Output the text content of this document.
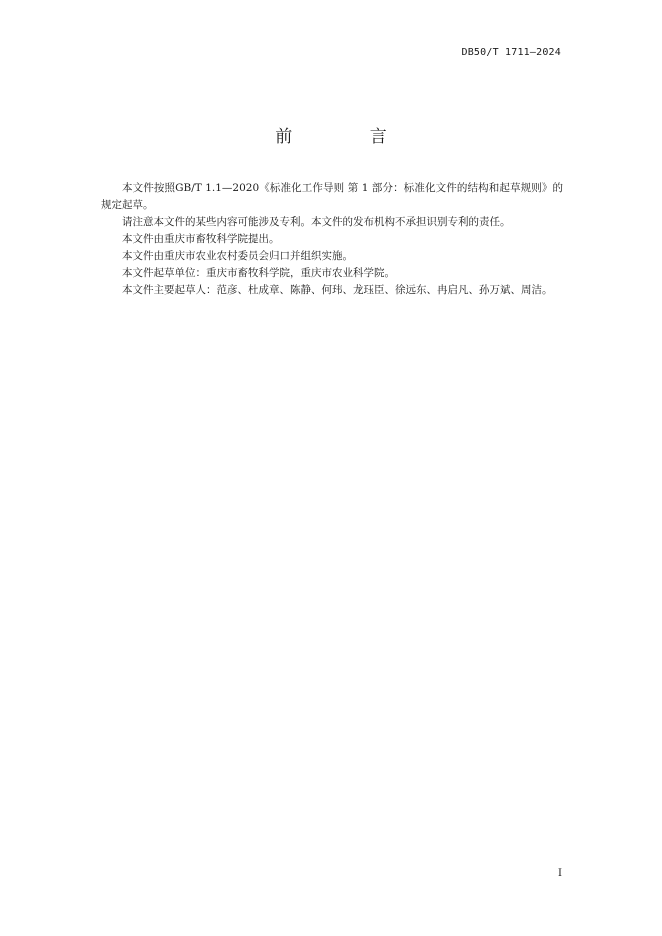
DB50/T 1711—2024
前 言

本文件按照GB/T 1.1—2020《标准化工作导则 第 1 部分：标准化文件的结构和起草规则》的规定起草。

请注意本文件的某些内容可能涉及专利。本文件的发布机构不承担识别专利的责任。

本文件由重庆市畜牧科学院提出。

本文件由重庆市农业农村委员会归口并组织实施。

本文件起草单位：重庆市畜牧科学院，重庆市农业科学院。

本文件主要起草人：范彦、杜成章、陈静、何玮、龙珏臣、徐远东、冉启凡、孙万斌、周洁。

I
